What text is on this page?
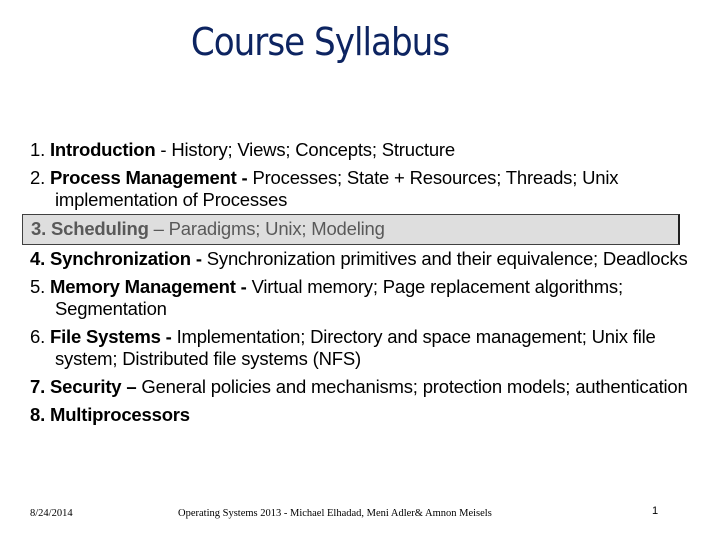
Course Syllabus
1. Introduction - History; Views; Concepts; Structure
2. Process Management - Processes; State + Resources; Threads; Unix implementation of Processes
3. Scheduling – Paradigms; Unix; Modeling
4. Synchronization - Synchronization primitives and their equivalence; Deadlocks
5. Memory Management - Virtual memory; Page replacement algorithms; Segmentation
6. File Systems - Implementation; Directory and space management; Unix file system; Distributed file systems (NFS)
7. Security – General policies and mechanisms; protection models; authentication
8. Multiprocessors
8/24/2014	Operating Systems 2013 - Michael Elhadad, Meni Adler& Amnon Meisels	1
